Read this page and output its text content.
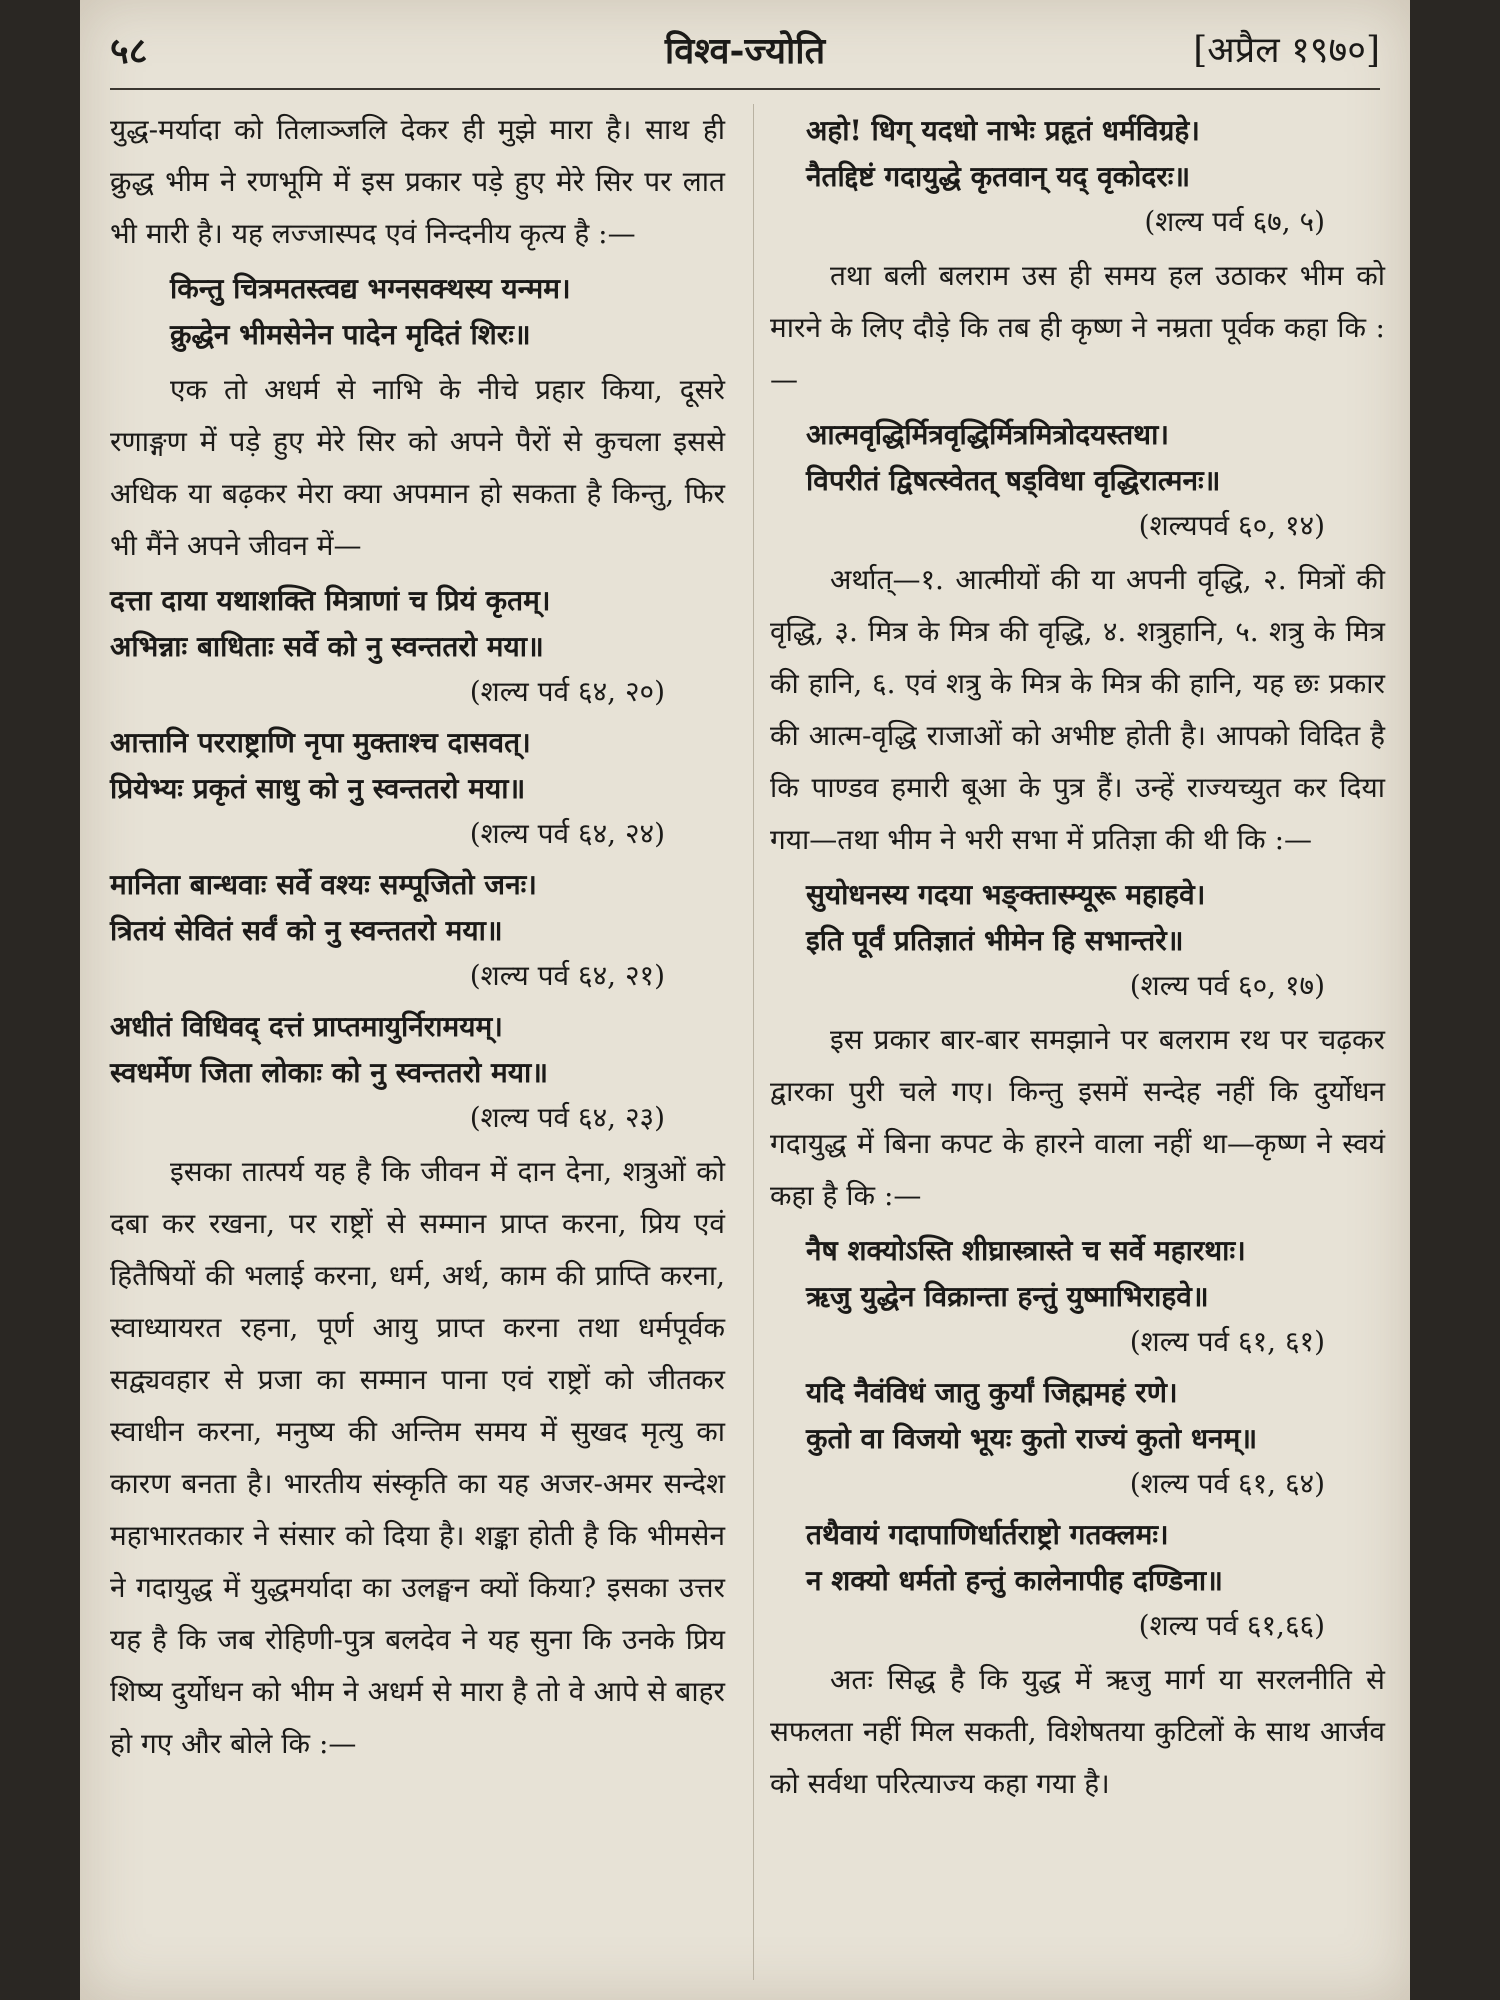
५८	विश्व-ज्योति	[अप्रैल १९७०]

युद्ध-मर्यादा को तिलाञ्जलि देकर ही मुझे मारा है। साथ ही क्रुद्ध भीम ने रणभूमि में इस प्रकार पड़े हुए मेरे सिर पर लात भी मारी है। यह लज्जास्पद एवं निन्दनीय कृत्य है :—

किन्तु चित्रमतस्त्वद्य भग्नसक्थस्य यन्मम।
क्रुद्धेन भीमसेनेन पादेन मृदितं शिरः॥

एक तो अधर्म से नाभि के नीचे प्रहार किया, दूसरे रणाङ्गण में पड़े हुए मेरे सिर को अपने पैरों से कुचला इससे अधिक या बढ़कर मेरा क्या अपमान हो सकता है किन्तु, फिर भी मैंने अपने जीवन में—

दत्ता दाया यथाशक्ति मित्राणां च प्रियं कृतम्।
अभिन्नाः बाधिताः सर्वे को नु स्वन्ततरो मया॥
(शल्य पर्व ६४, २०)
आत्तानि परराष्ट्राणि नृपा मुक्ताश्च दासवत्।
प्रियेभ्यः प्रकृतं साधु को नु स्वन्ततरो मया॥
(शल्य पर्व ६४, २४)
मानिता बान्धवाः सर्वे वश्यः सम्पूजितो जनः।
त्रितयं सेवितं सर्वं को नु स्वन्ततरो मया॥
(शल्य पर्व ६४, २१)
अधीतं विधिवद् दत्तं प्राप्तमायुर्निरामयम्।
स्वधर्मेण जिता लोकाः को नु स्वन्ततरो मया॥
(शल्य पर्व ६४, २३)

इसका तात्पर्य यह है कि जीवन में दान देना, शत्रुओं को दबा कर रखना, पर राष्ट्रों से सम्मान प्राप्त करना, प्रिय एवं हितैषियों की भलाई करना, धर्म, अर्थ, काम की प्राप्ति करना, स्वाध्यायरत रहना, पूर्ण आयु प्राप्त करना तथा धर्मपूर्वक सद्व्यवहार से प्रजा का सम्मान पाना एवं राष्ट्रों को जीतकर स्वाधीन करना, मनुष्य की अन्तिम समय में सुखद मृत्यु का कारण बनता है। भारतीय संस्कृति का यह अजर-अमर सन्देश महाभारतकार ने संसार को दिया है। शङ्का होती है कि भीमसेन ने गदायुद्ध में युद्धमर्यादा का उलङ्घन क्यों किया? इसका उत्तर यह है कि जब रोहिणी-पुत्र बलदेव ने यह सुना कि उनके प्रिय शिष्य दुर्योधन को भीम ने अधर्म से मारा है तो वे आपे से बाहर हो गए और बोले कि :—

अहो! धिग् यदधो नाभेः प्रहृतं धर्मविग्रहे।
नैतद्दिष्टं गदायुद्धे कृतवान् यद् वृकोदरः॥
(शल्य पर्व ६७, ५)

तथा बली बलराम उस ही समय हल उठाकर भीम को मारने के लिए दौड़े कि तब ही कृष्ण ने नम्रता पूर्वक कहा कि :—

आत्मवृद्धिर्मित्रवृद्धिर्मित्रमित्रोदयस्तथा।
विपरीतं द्विषत्स्वेतत् षड्विधा वृद्धिरात्मनः॥
(शल्यपर्व ६०, १४)

अर्थात्—१. आत्मीयों की या अपनी वृद्धि, २. मित्रों की वृद्धि, ३. मित्र के मित्र की वृद्धि, ४. शत्रुहानि, ५. शत्रु के मित्र की हानि, ६. एवं शत्रु के मित्र के मित्र की हानि, यह छः प्रकार की आत्म-वृद्धि राजाओं को अभीष्ट होती है। आपको विदित है कि पाण्डव हमारी बूआ के पुत्र हैं। उन्हें राज्यच्युत कर दिया गया—तथा भीम ने भरी सभा में प्रतिज्ञा की थी कि :—

सुयोधनस्य गदया भङ्क्तास्म्यूरू महाहवे।
इति पूर्वं प्रतिज्ञातं भीमेन हि सभान्तरे॥
(शल्य पर्व ६०, १७)

इस प्रकार बार-बार समझाने पर बलराम रथ पर चढ़कर द्वारका पुरी चले गए। किन्तु इसमें सन्देह नहीं कि दुर्योधन गदायुद्ध में बिना कपट के हारने वाला नहीं था—कृष्ण ने स्वयं कहा है कि :—

नैष शक्योऽस्ति शीघ्रास्त्रास्ते च सर्वे महारथाः।
ऋजु युद्धेन विक्रान्ता हन्तुं युष्माभिराहवे॥
(शल्य पर्व ६१, ६१)
यदि नैवंविधं जातु कुर्यां जिह्ममहं रणे।
कुतो वा विजयो भूयः कुतो राज्यं कुतो धनम्॥
(शल्य पर्व ६१, ६४)
तथैवायं गदापाणिर्धार्तराष्ट्रो गतक्लमः।
न शक्यो धर्मतो हन्तुं कालेनापीह दण्डिना॥
(शल्य पर्व ६१,६६)

अतः सिद्ध है कि युद्ध में ऋजु मार्ग या सरलनीति से सफलता नहीं मिल सकती, विशेषतया कुटिलों के साथ आर्जव को सर्वथा परित्याज्य कहा गया है।
